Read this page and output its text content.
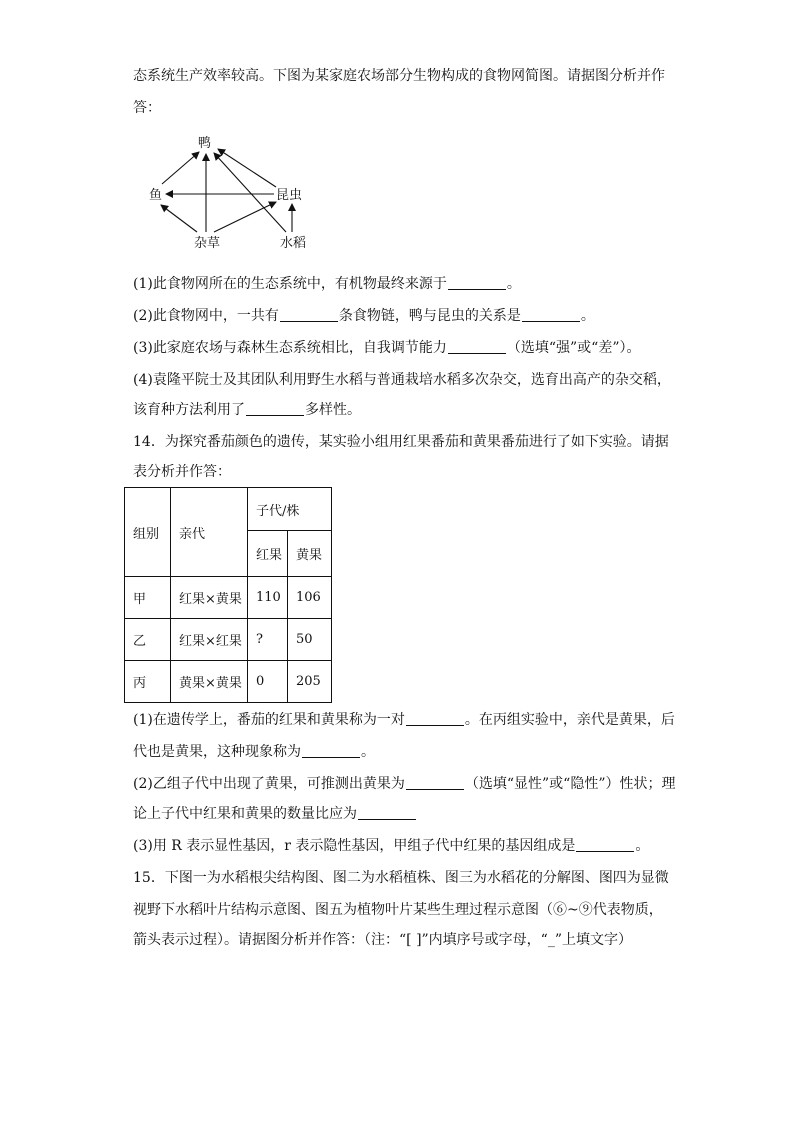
态系统生产效率较高。下图为某家庭农场部分生物构成的食物网简图。请据图分析并作
答：
鸭
鱼	昆虫
杂草	水稻
(1)此食物网所在的生态系统中，有机物最终来源于	。
(2)此食物网中，一共有	条食物链，鸭与昆虫的关系是	。
(3)此家庭农场与森林生态系统相比，自我调节能力	（选填“强”或“差”）。
(4)袁隆平院士及其团队利用野生水稻与普通栽培水稻多次杂交，选育出高产的杂交稻，
该育种方法利用了	多样性。
14．为探究番茄颜色的遗传，某实验小组用红果番茄和黄果番茄进行了如下实验。请据
表分析并作答：
组别	亲代	子代/株	
		红果	黄果
甲	红果×黄果	110	106
乙	红果×红果	?	50
丙	黄果×黄果	0	205
(1)在遗传学上，番茄的红果和黄果称为一对	。在丙组实验中，亲代是黄果，后
代也是黄果，这种现象称为	。
(2)乙组子代中出现了黄果，可推测出黄果为	（选填“显性”或“隐性”）性状；理
论上子代中红果和黄果的数量比应为
(3)用 R 表示显性基因，r 表示隐性基因，甲组子代中红果的基因组成是	。
15．下图一为水稻根尖结构图、图二为水稻植株、图三为水稻花的分解图、图四为显微
视野下水稻叶片结构示意图、图五为植物叶片某些生理过程示意图（⑥~⑨代表物质，
箭头表示过程）。请据图分析并作答：（注：“[ ]”内填序号或字母，“_”上填文字）
